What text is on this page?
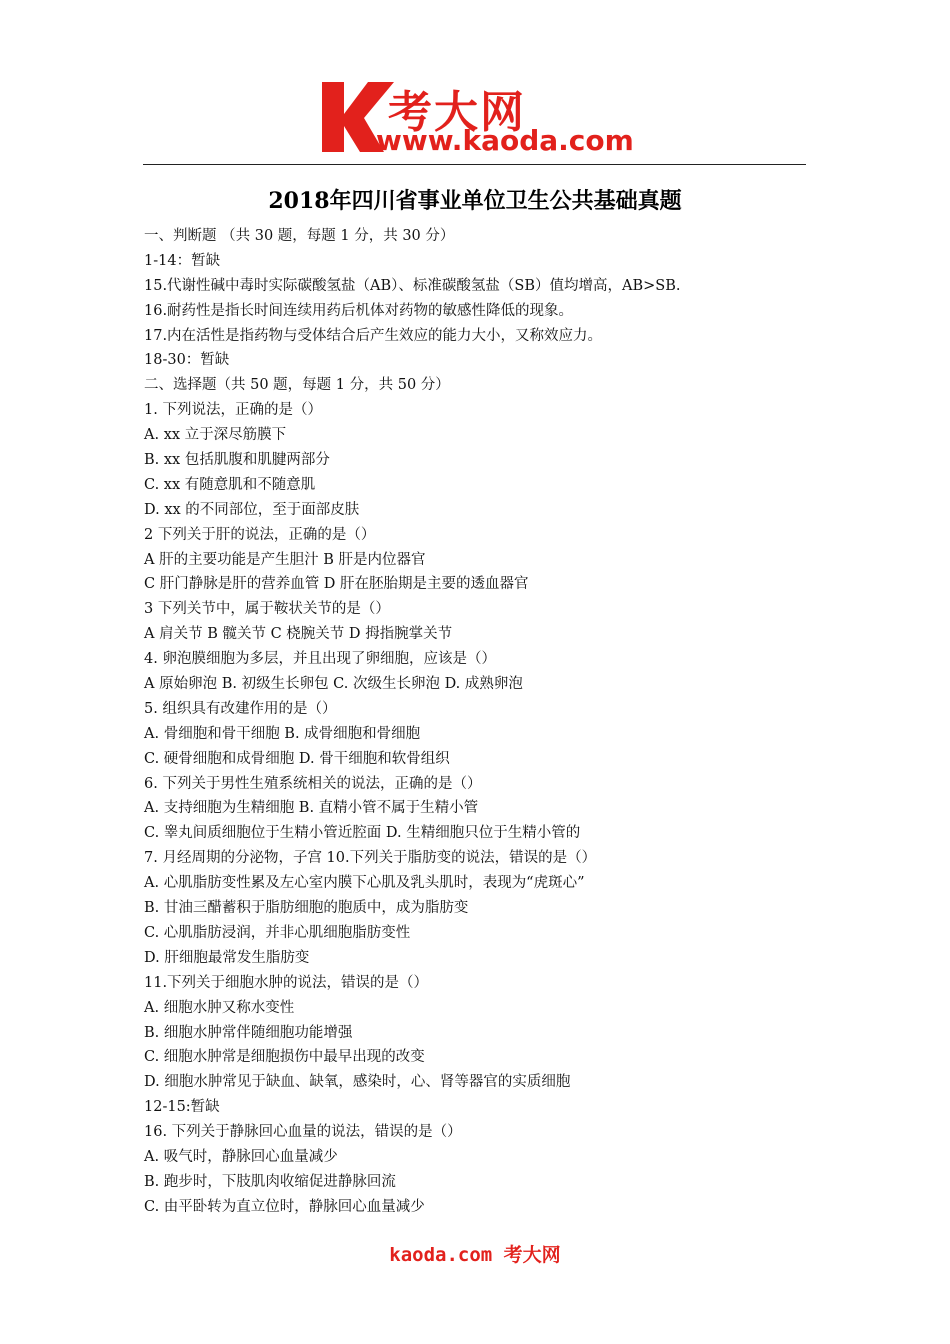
考大网
www.kaoda.com
2018年四川省事业单位卫生公共基础真题
一、判断题 （共 30 题，每题 1 分，共 30 分）
1-14：暂缺
15.代谢性碱中毒时实际碳酸氢盐（AB）、标准碳酸氢盐（SB）值均增高，AB>SB.
16.耐药性是指长时间连续用药后机体对药物的敏感性降低的现象。
17.内在活性是指药物与受体结合后产生效应的能力大小，又称效应力。
18-30：暂缺
二、选择题（共 50 题，每题 1 分，共 50 分）
1. 下列说法，正确的是（）
A. xx 立于深尽筋膜下
B. xx 包括肌腹和肌腱两部分
C. xx 有随意肌和不随意肌
D. xx 的不同部位，至于面部皮肤
2 下列关于肝的说法，正确的是（）
A 肝的主要功能是产生胆汁 B 肝是内位器官
C 肝门静脉是肝的营养血管 D 肝在胚胎期是主要的透血器官
3 下列关节中，属于鞍状关节的是（）
A 肩关节 B 髋关节 C 桡腕关节 D 拇指腕掌关节
4. 卵泡膜细胞为多层，并且出现了卵细胞，应该是（）
A 原始卵泡 B. 初级生长卵包 C. 次级生长卵泡 D. 成熟卵泡
5. 组织具有改建作用的是（）
A. 骨细胞和骨干细胞 B. 成骨细胞和骨细胞
C. 硬骨细胞和成骨细胞 D. 骨干细胞和软骨组织
6. 下列关于男性生殖系统相关的说法，正确的是（）
A. 支持细胞为生精细胞 B. 直精小管不属于生精小管
C. 睾丸间质细胞位于生精小管近腔面 D. 生精细胞只位于生精小管的
7. 月经周期的分泌物，子宫 10.下列关于脂肪变的说法，错误的是（）
A. 心肌脂肪变性累及左心室内膜下心肌及乳头肌时，表现为“虎斑心”
B. 甘油三醋蓄积于脂肪细胞的胞质中，成为脂肪变
C. 心肌脂肪浸润，并非心肌细胞脂肪变性
D. 肝细胞最常发生脂肪变
11.下列关于细胞水肿的说法，错误的是（）
A. 细胞水肿又称水变性
B. 细胞水肿常伴随细胞功能增强
C. 细胞水肿常是细胞损伤中最早出现的改变
D. 细胞水肿常见于缺血、缺氧，感染时，心、肾等器官的实质细胞
12-15:暂缺
16. 下列关于静脉回心血量的说法，错误的是（）
A. 吸气时，静脉回心血量减少
B. 跑步时，下肢肌肉收缩促进静脉回流
C. 由平卧转为直立位时，静脉回心血量减少
kaoda.com 考大网
